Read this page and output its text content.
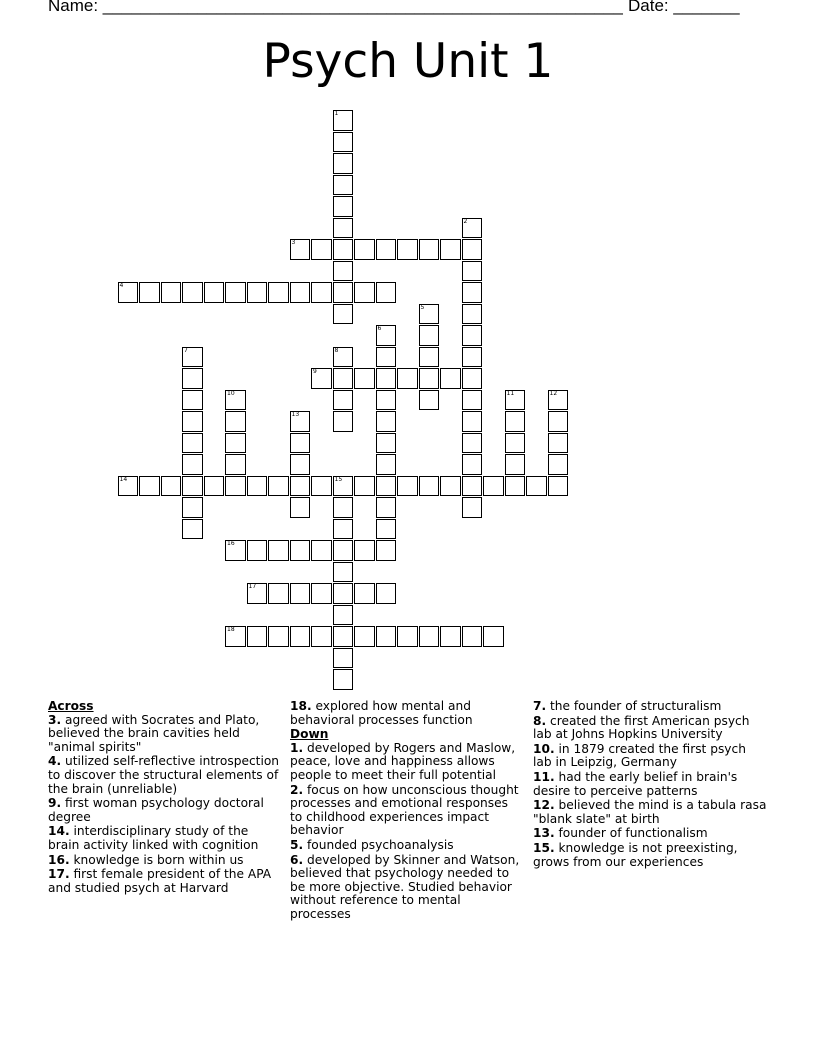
Name: _______________________________________________________ Date: _______
Psych Unit 1
1
2
3
4
5
6
7	8
9
10	11	12
13
14	15
16
17
18
Across
3. agreed with Socrates and Plato, believed the brain cavities held "animal spirits"
4. utilized self-reflective introspection to discover the structural elements of the brain (unreliable)
9. first woman psychology doctoral degree
14. interdisciplinary study of the brain activity linked with cognition
16. knowledge is born within us
17. first female president of the APA and studied psych at Harvard
18. explored how mental and behavioral processes function
Down
1. developed by Rogers and Maslow, peace, love and happiness allows people to meet their full potential
2. focus on how unconscious thought processes and emotional responses to childhood experiences impact behavior
5. founded psychoanalysis
6. developed by Skinner and Watson, believed that psychology needed to be more objective. Studied behavior without reference to mental processes
7. the founder of structuralism
8. created the first American psych lab at Johns Hopkins University
10. in 1879 created the first psych lab in Leipzig, Germany
11. had the early belief in brain's desire to perceive patterns
12. believed the mind is a tabula rasa "blank slate" at birth
13. founder of functionalism
15. knowledge is not preexisting, grows from our experiences
